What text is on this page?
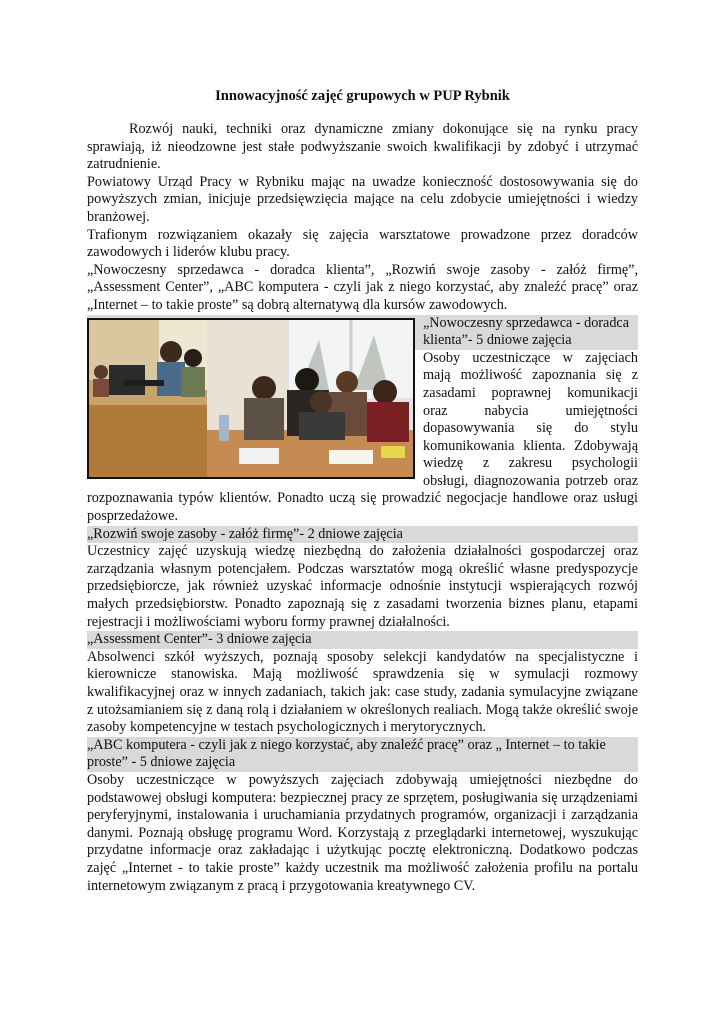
Innowacyjność zajęć grupowych w PUP Rybnik

Rozwój nauki, techniki oraz dynamiczne zmiany dokonujące się na rynku pracy sprawiają, iż nieodzowne jest stałe podwyższanie swoich kwalifikacji by zdobyć i utrzymać zatrudnienie.

Powiatowy Urząd Pracy w Rybniku mając na uwadze konieczność dostosowywania się do powyższych zmian, inicjuje przedsięwzięcia mające na celu zdobycie umiejętności i wiedzy branżowej.

Trafionym rozwiązaniem okazały się zajęcia warsztatowe prowadzone przez doradców zawodowych i liderów klubu pracy.

„Nowoczesny sprzedawca - doradca klienta”, „Rozwiń swoje zasoby - załóż firmę”, „Assessment Center”, „ABC komputera - czyli jak z niego korzystać, aby znaleźć pracę” oraz „Internet – to takie proste” są dobrą alternatywą dla kursów zawodowych.

„Nowoczesny sprzedawca - doradca klienta”- 5 dniowe zajęcia

Osoby uczestniczące w zajęciach mają możliwość zapoznania się z zasadami poprawnej komunikacji oraz nabycia umiejętności dopasowywania się do stylu komunikowania klienta. Zdobywają wiedzę z zakresu psychologii obsługi, diagnozowania potrzeb oraz rozpoznawania typów klientów. Ponadto uczą się prowadzić negocjacje handlowe oraz usługi posprzedażowe.

„Rozwiń swoje zasoby - załóż firmę”- 2 dniowe zajęcia

Uczestnicy zajęć uzyskują wiedzę niezbędną do założenia działalności gospodarczej oraz zarządzania własnym potencjałem. Podczas warsztatów mogą określić własne predyspozycje przedsiębiorcze, jak również uzyskać informacje odnośnie instytucji wspierających rozwój małych przedsiębiorstw. Ponadto zapoznają się z zasadami tworzenia biznes planu, etapami rejestracji i możliwościami wyboru formy prawnej działalności.

„Assessment Center”- 3 dniowe zajęcia

Absolwenci szkół wyższych, poznają sposoby selekcji kandydatów na specjalistyczne i kierownicze stanowiska. Mają możliwość sprawdzenia się w symulacji rozmowy kwalifikacyjnej oraz w innych zadaniach, takich jak: case study, zadania symulacyjne związane z utożsamianiem się z daną rolą i działaniem w określonych realiach. Mogą także określić swoje zasoby kompetencyjne w testach psychologicznych i merytorycznych.

„ABC komputera - czyli jak z niego korzystać, aby znaleźć pracę” oraz „ Internet – to takie proste” - 5 dniowe zajęcia

Osoby uczestniczące w powyższych zajęciach zdobywają umiejętności niezbędne do podstawowej obsługi komputera: bezpiecznej pracy ze sprzętem, posługiwania się urządzeniami peryferyjnymi, instalowania i uruchamiania przydatnych programów, organizacji i zarządzania danymi. Poznają obsługę programu Word. Korzystają z przeglądarki internetowej, wyszukując przydatne informacje oraz zakładając i użytkując pocztę elektroniczną. Dodatkowo podczas zajęć „Internet - to takie proste” każdy uczestnik ma możliwość założenia profilu na portalu internetowym związanym z pracą i przygotowania kreatywnego CV.
